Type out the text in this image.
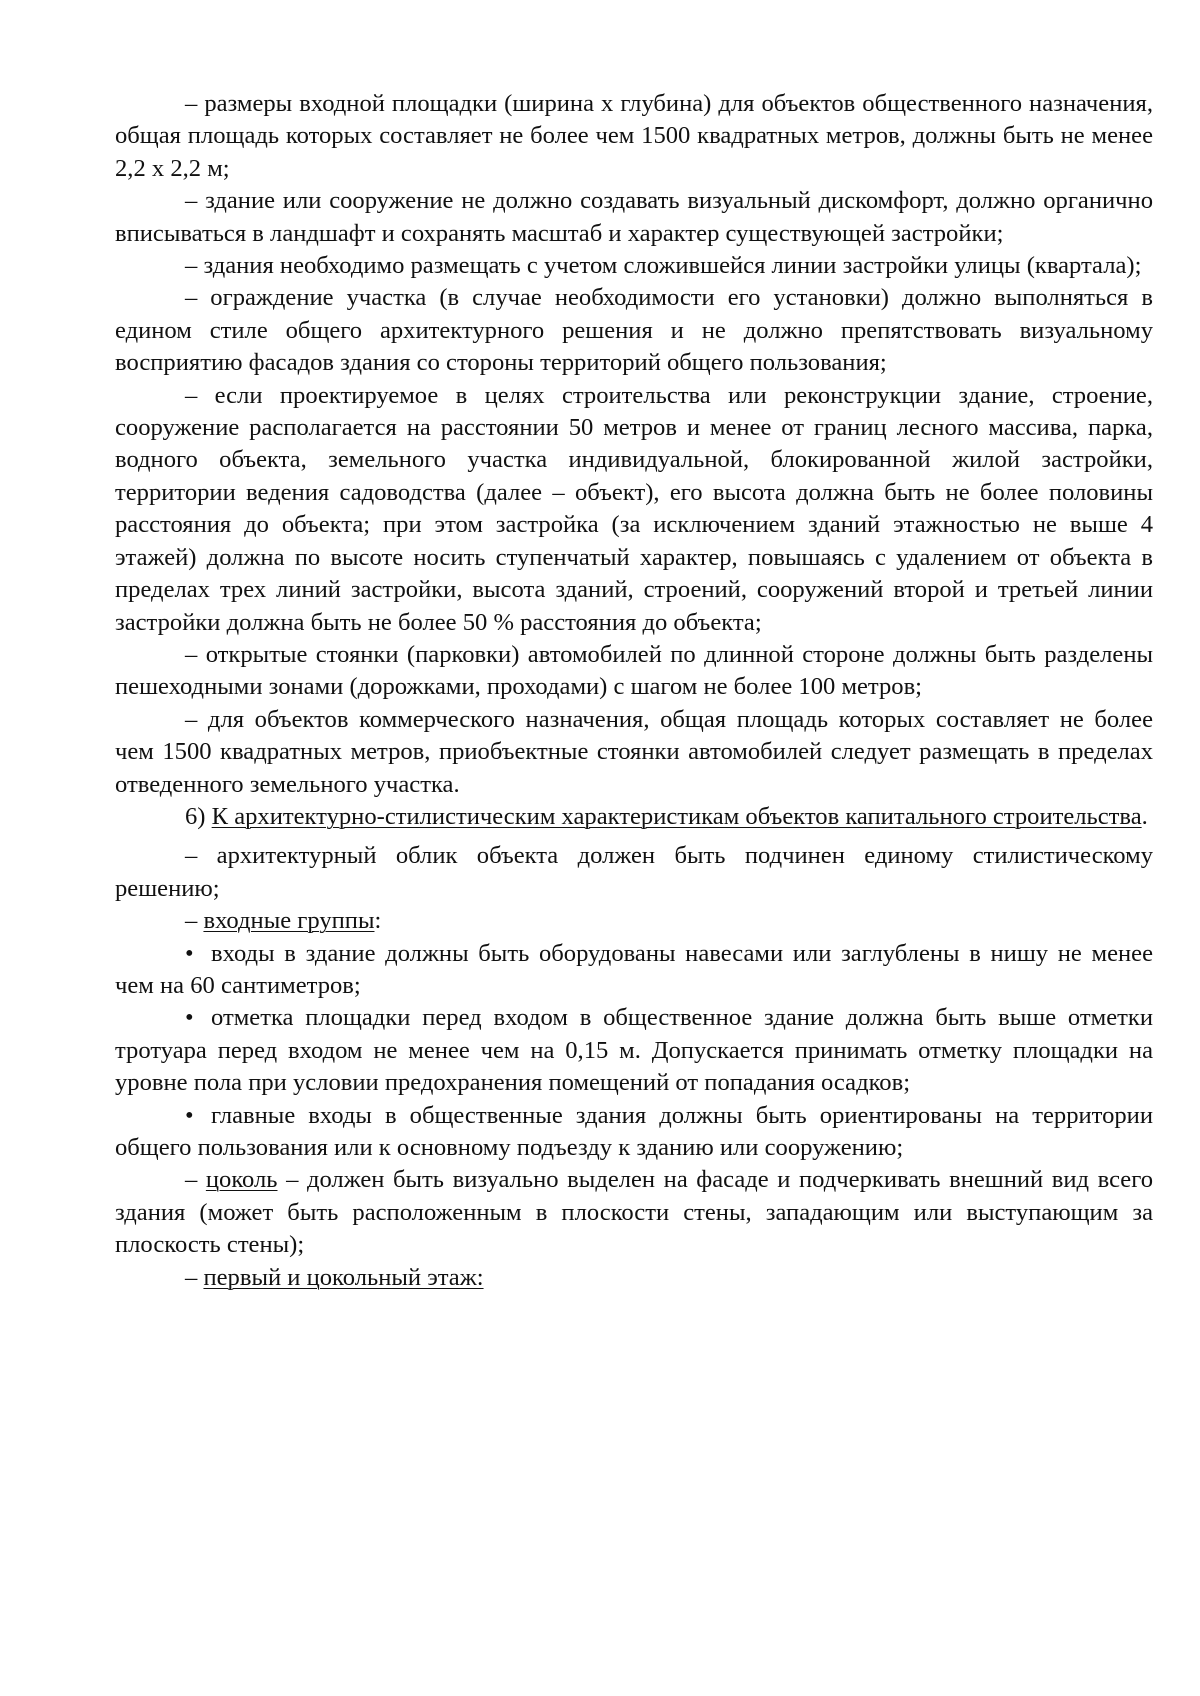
– размеры входной площадки (ширина х глубина) для объектов общественного назначения, общая площадь которых составляет не более чем 1500 квадратных метров, должны быть не менее 2,2 х 2,2 м;

– здание или сооружение не должно создавать визуальный дискомфорт, должно органично вписываться в ландшафт и сохранять масштаб и характер существующей застройки;

– здания необходимо размещать с учетом сложившейся линии застройки улицы (квартала);

– ограждение участка (в случае необходимости его установки) должно выполняться в едином стиле общего архитектурного решения и не должно препятствовать визуальному восприятию фасадов здания со стороны территорий общего пользования;

– если проектируемое в целях строительства или реконструкции здание, строение, сооружение располагается на расстоянии 50 метров и менее от границ лесного массива, парка, водного объекта, земельного участка индивидуальной, блокированной жилой застройки, территории ведения садоводства (далее – объект), его высота должна быть не более половины расстояния до объекта; при этом застройка (за исключением зданий этажностью не выше 4 этажей) должна по высоте носить ступенчатый характер, повышаясь с удалением от объекта в пределах трех линий застройки, высота зданий, строений, сооружений второй и третьей линии застройки должна быть не более 50 % расстояния до объекта;

– открытые стоянки (парковки) автомобилей по длинной стороне должны быть разделены пешеходными зонами (дорожками, проходами) с шагом не более 100 метров;

– для объектов коммерческого назначения, общая площадь которых составляет не более чем 1500 квадратных метров, приобъектные стоянки автомобилей следует размещать в пределах отведенного земельного участка.

6) К архитектурно-стилистическим характеристикам объектов капитального строительства.

– архитектурный облик объекта должен быть подчинен единому стилистическому решению;

– входные группы:

• входы в здание должны быть оборудованы навесами или заглублены в нишу не менее чем на 60 сантиметров;

• отметка площадки перед входом в общественное здание должна быть выше отметки тротуара перед входом не менее чем на 0,15 м. Допускается принимать отметку площадки на уровне пола при условии предохранения помещений от попадания осадков;

• главные входы в общественные здания должны быть ориентированы на территории общего пользования или к основному подъезду к зданию или сооружению;

– цоколь – должен быть визуально выделен на фасаде и подчеркивать внешний вид всего здания (может быть расположенным в плоскости стены, западающим или выступающим за плоскость стены);

– первый и цокольный этаж:
